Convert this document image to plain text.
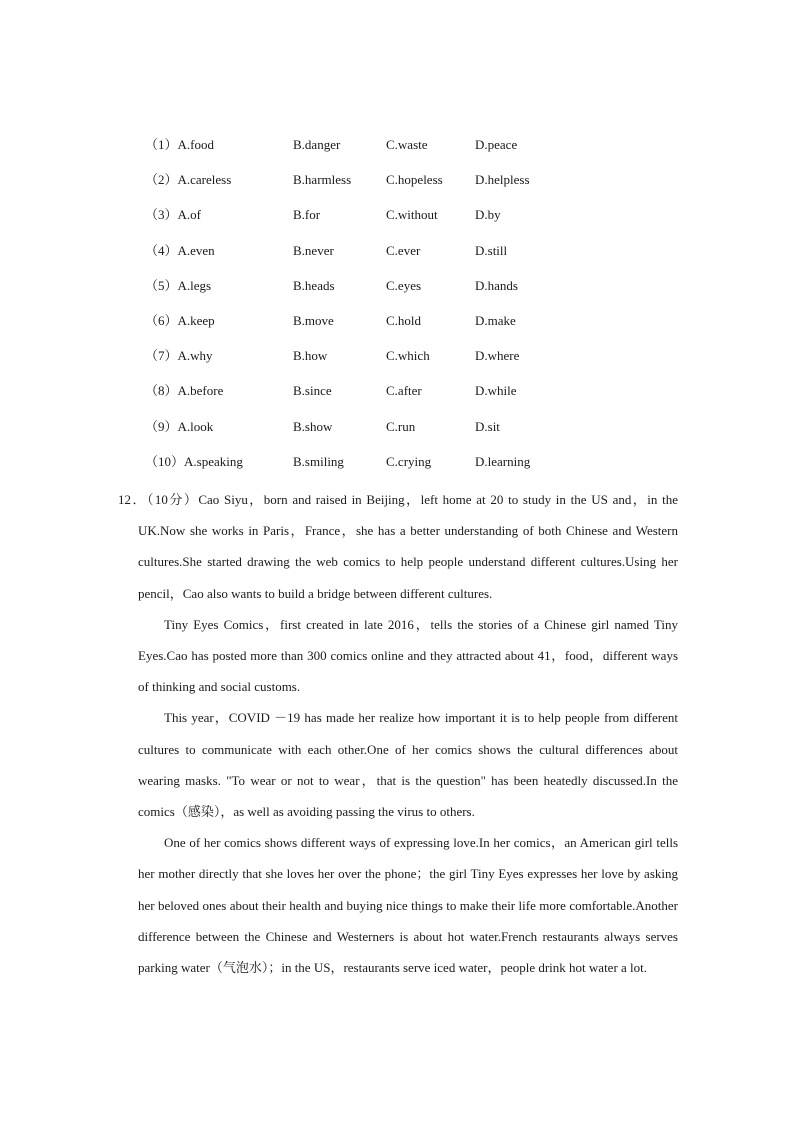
（1）A.food	B.danger	C.waste	D.peace
（2）A.careless	B.harmless	C.hopeless D.helpless
（3）A.of	B.for	C.without	D.by
（4）A.even	B.never	C.ever	D.still
（5）A.legs	B.heads	C.eyes	D.hands
（6）A.keep	B.move	C.hold	D.make
（7）A.why	B.how	C.which	D.where
（8）A.before	B.since	C.after	D.while
（9）A.look	B.show	C.run	D.sit
（10）A.speaking	B.smiling	C.crying	D.learning

12．（10分）Cao Siyu，born and raised in Beijing，left home at 20 to study in the US and，in the UK.Now she works in Paris，France，she has a better understanding of both Chinese and Western cultures.She started drawing the web comics to help people understand different cultures.Using her pencil，Cao also wants to build a bridge between different cultures.

Tiny Eyes Comics，first created in late 2016，tells the stories of a Chinese girl named Tiny Eyes.Cao has posted more than 300 comics online and they attracted about 41，food，different ways of thinking and social customs.

This year，COVID －19 has made her realize how important it is to help people from different cultures to communicate with each other.One of her comics shows the cultural differences about wearing masks. "To wear or not to wear，that is the question" has been heatedly discussed.In the comics（感染），as well as avoiding passing the virus to others.

One of her comics shows different ways of expressing love.In her comics，an American girl tells her mother directly that she loves her over the phone；the girl Tiny Eyes expresses her love by asking her beloved ones about their health and buying nice things to make their life more comfortable.Another difference between the Chinese and Westerners is about hot water.French restaurants always serves parking water（气泡水）；in the US，restaurants serve iced water，people drink hot water a lot.
